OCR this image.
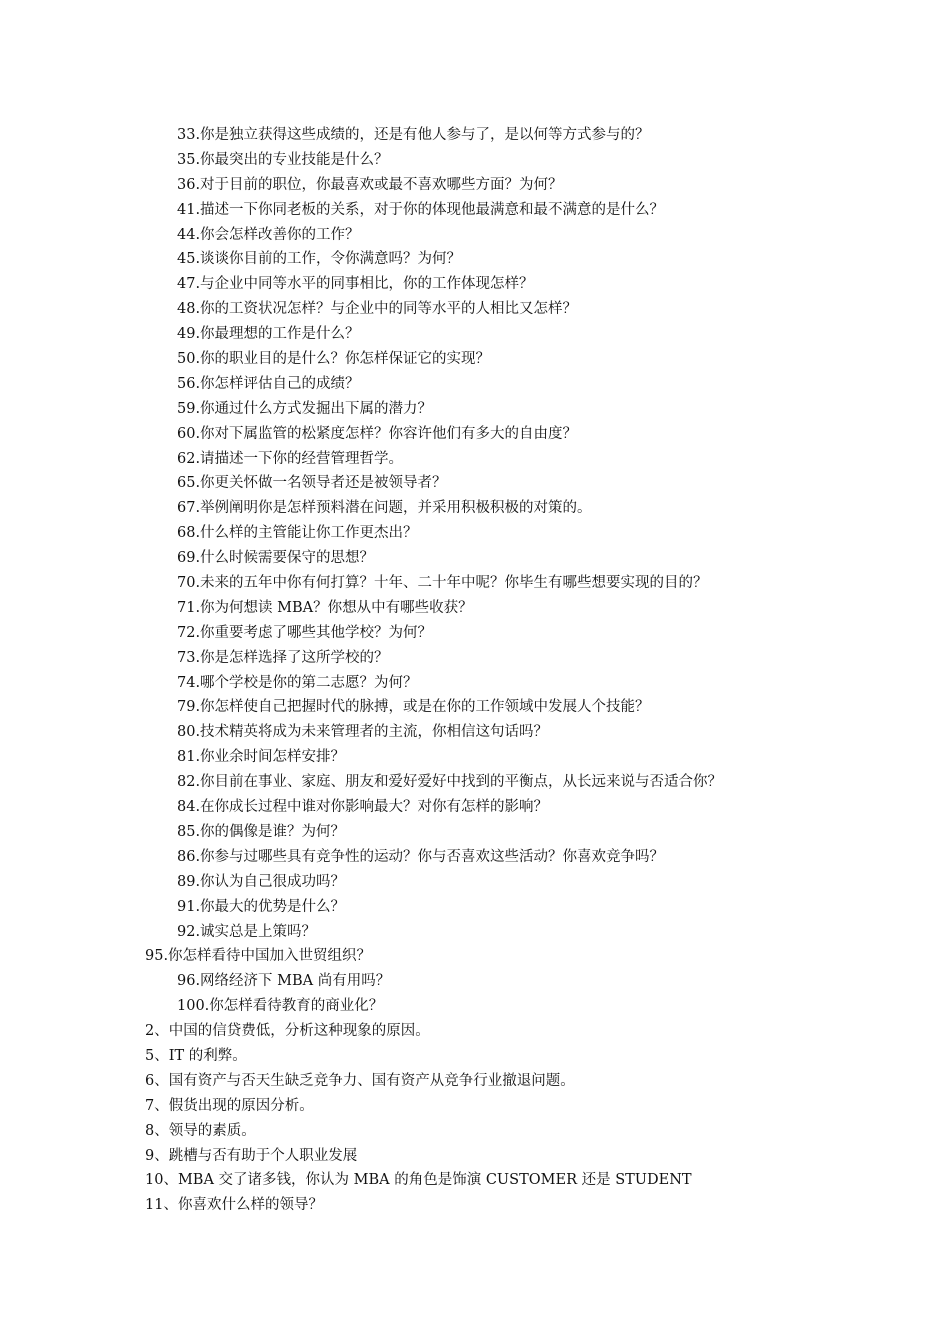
33.你是独立获得这些成绩的，还是有他人参与了，是以何等方式参与的？
35.你最突出的专业技能是什么？
36.对于目前的职位，你最喜欢或最不喜欢哪些方面？为何？
41.描述一下你同老板的关系，对于你的体现他最满意和最不满意的是什么？
44.你会怎样改善你的工作？
45.谈谈你目前的工作，令你满意吗？为何？
47.与企业中同等水平的同事相比，你的工作体现怎样？
48.你的工资状况怎样？与企业中的同等水平的人相比又怎样？
49.你最理想的工作是什么？
50.你的职业目的是什么？你怎样保证它的实现？
56.你怎样评估自己的成绩？
59.你通过什么方式发掘出下属的潜力？
60.你对下属监管的松紧度怎样？你容许他们有多大的自由度？
62.请描述一下你的经营管理哲学。
65.你更关怀做一名领导者还是被领导者？
67.举例阐明你是怎样预料潜在问题，并采用积极积极的对策的。
68.什么样的主管能让你工作更杰出？
69.什么时候需要保守的思想？
70.未来的五年中你有何打算？十年、二十年中呢？你毕生有哪些想要实现的目的？
71.你为何想读 MBA？你想从中有哪些收获？
72.你重要考虑了哪些其他学校？为何？
73.你是怎样选择了这所学校的？
74.哪个学校是你的第二志愿？为何？
79.你怎样使自己把握时代的脉搏，或是在你的工作领域中发展人个技能？
80.技术精英将成为未来管理者的主流，你相信这句话吗？
81.你业余时间怎样安排？
82.你目前在事业、家庭、朋友和爱好爱好中找到的平衡点，从长远来说与否适合你？
84.在你成长过程中谁对你影响最大？对你有怎样的影响？
85.你的偶像是谁？为何？
86.你参与过哪些具有竞争性的运动？你与否喜欢这些活动？你喜欢竞争吗？
89.你认为自己很成功吗？
91.你最大的优势是什么？
92.诚实总是上策吗？
95.你怎样看待中国加入世贸组织？
96.网络经济下 MBA 尚有用吗？
100.你怎样看待教育的商业化？
2、中国的信贷费低，分析这种现象的原因。
5、IT 的利弊。
6、国有资产与否天生缺乏竞争力、国有资产从竞争行业撤退问题。
7、假货出现的原因分析。
8、领导的素质。
9、跳槽与否有助于个人职业发展
10、MBA 交了诸多钱，你认为 MBA 的角色是饰演 CUSTOMER 还是 STUDENT
11、你喜欢什么样的领导？
